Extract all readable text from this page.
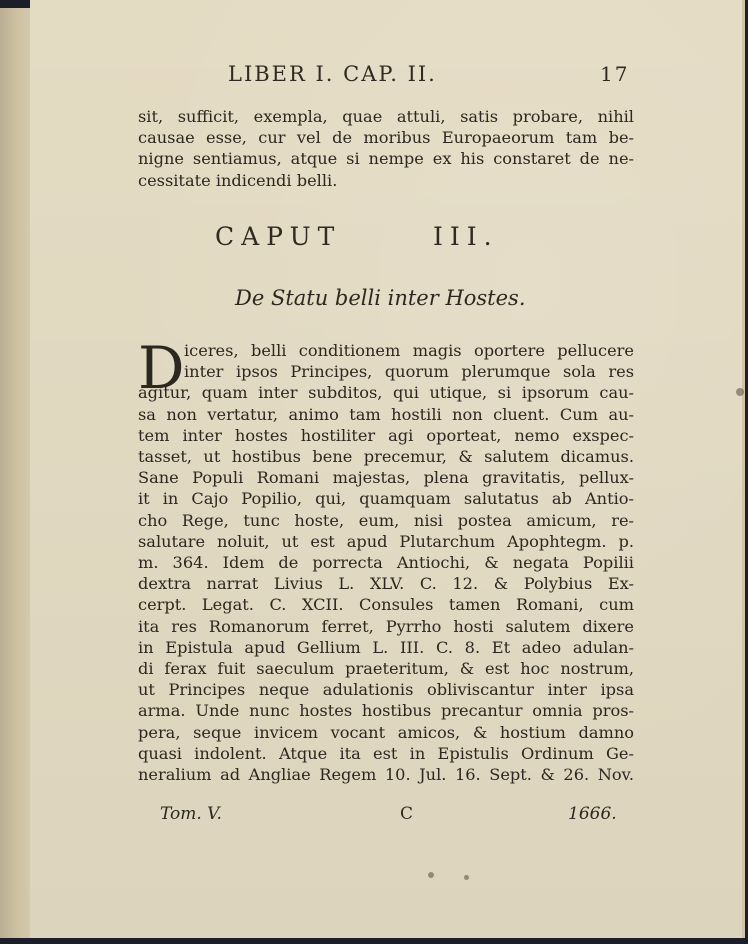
LIBER I. CAP. II.	17
sit, sufficit, exempla, quae attuli, satis probare, nihil
causae esse, cur vel de moribus Europaeorum tam be-
nigne sentiamus, atque si nempe ex his constaret de ne-
cessitate indicendi belli.
CAPUT	III.
De Statu belli inter Hostes.
D iceres, belli conditionem magis oportere pellucere
inter ipsos Principes, quorum plerumque sola res
agitur, quam inter subditos, qui utique, si ipsorum cau-
sa non vertatur, animo tam hostili non cluent. Cum au-
tem inter hostes hostiliter agi oporteat, nemo exspec-
tasset, ut hostibus bene precemur, & salutem dicamus.
Sane Populi Romani majestas, plena gravitatis, pellux-
it in Cajo Popilio, qui, quamquam salutatus ab Antio-
cho Rege, tunc hoste, eum, nisi postea amicum, re-
salutare noluit, ut est apud Plutarchum Apophtegm. p.
m. 364. Idem de porrecta Antiochi, & negata Popilii
dextra narrat Livius L. XLV. C. 12. & Polybius Ex-
cerpt. Legat. C. XCII. Consules tamen Romani, cum
ita res Romanorum ferret, Pyrrho hosti salutem dixere
in Epistula apud Gellium L. III. C. 8. Et adeo adulan-
di ferax fuit saeculum praeteritum, & est hoc nostrum,
ut Principes neque adulationis obliviscantur inter ipsa
arma. Unde nunc hostes hostibus precantur omnia pros-
pera, seque invicem vocant amicos, & hostium damno
quasi indolent. Atque ita est in Epistulis Ordinum Ge-
neralium ad Angliae Regem 10. Jul. 16. Sept. & 26. Nov.
Tom. V.	C	1666.
